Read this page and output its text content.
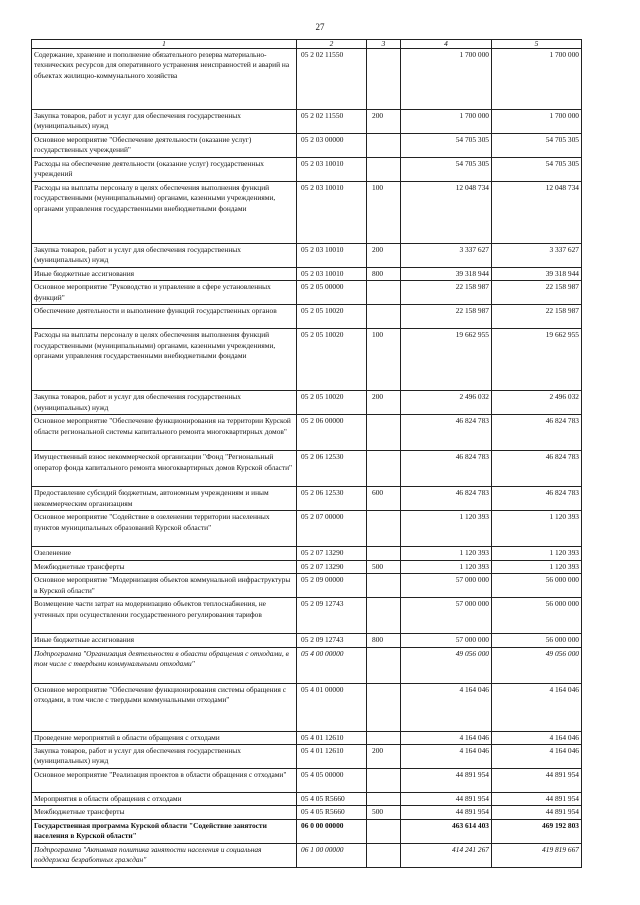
27
1	2	3	4	5
Содержание, хранение и пополнение обязательного резерва материально-технических ресурсов для оперативного устранения неисправностей и аварий на объектах жилищно-коммунального хозяйства	05 2 02 11550		1 700 000	1 700 000
Закупка товаров, работ и услуг для обеспечения государственных (муниципальных) нужд	05 2 02 11550	200	1 700 000	1 700 000
Основное мероприятие "Обеспечение деятельности (оказание услуг) государственных учреждений"	05 2 03 00000		54 705 305	54 705 305
Расходы на обеспечение деятельности (оказание услуг) государственных учреждений	05 2 03 10010		54 705 305	54 705 305
Расходы на выплаты персоналу в целях обеспечения выполнения функций государственными (муниципальными) органами, казенными учреждениями, органами управления государственными внебюджетными фондами	05 2 03 10010	100	12 048 734	12 048 734
Закупка товаров, работ и услуг для обеспечения государственных (муниципальных) нужд	05 2 03 10010	200	3 337 627	3 337 627
Иные бюджетные ассигнования	05 2 03 10010	800	39 318 944	39 318 944
Основное мероприятие "Руководство и управление в сфере установленных функций"	05 2 05 00000		22 158 987	22 158 987
Обеспечение деятельности и выполнение функций государственных органов	05 2 05 10020		22 158 987	22 158 987
Расходы на выплаты персоналу в целях обеспечения выполнения функций государственными (муниципальными) органами, казенными учреждениями, органами управления государственными внебюджетными фондами	05 2 05 10020	100	19 662 955	19 662 955
Закупка товаров, работ и услуг для обеспечения государственных (муниципальных) нужд	05 2 05 10020	200	2 496 032	2 496 032
Основное мероприятие "Обеспечение функционирования на территории Курской области региональной системы капитального ремонта многоквартирных домов"	05 2 06 00000		46 824 783	46 824 783
Имущественный взнос некоммерческой организации "Фонд "Региональный оператор фонда капитального ремонта многоквартирных домов Курской области"	05 2 06 12530		46 824 783	46 824 783
Предоставление субсидий бюджетным, автономным учреждениям и иным некоммерческим организациям	05 2 06 12530	600	46 824 783	46 824 783
Основное мероприятие "Содействие в озеленении территории населенных пунктов муниципальных образований Курской области"	05 2 07 00000		1 120 393	1 120 393
Озеленение	05 2 07 13290		1 120 393	1 120 393
Межбюджетные трансферты	05 2 07 13290	500	1 120 393	1 120 393
Основное мероприятие "Модернизация объектов коммунальной инфраструктуры в Курской области"	05 2 09 00000		57 000 000	56 000 000
Возмещение части затрат на модернизацию объектов теплоснабжения, не учтенных при осуществлении государственного регулирования тарифов	05 2 09 12743		57 000 000	56 000 000
Иные бюджетные ассигнования	05 2 09 12743	800	57 000 000	56 000 000
Подпрограмма "Организация деятельности в области обращения с отходами, в том числе с твердыми коммунальными отходами"	05 4 00 00000		49 056 000	49 056 000
Основное мероприятие "Обеспечение функционирования системы обращения с отходами, в том числе с твердыми коммунальными отходами"	05 4 01 00000		4 164 046	4 164 046
Проведение мероприятий в области обращения с отходами	05 4 01 12610		4 164 046	4 164 046
Закупка товаров, работ и услуг для обеспечения государственных (муниципальных) нужд	05 4 01 12610	200	4 164 046	4 164 046
Основное мероприятие "Реализация проектов в области обращения с отходами"	05 4 05 00000		44 891 954	44 891 954
Мероприятия в области обращения с отходами	05 4 05 R5660		44 891 954	44 891 954
Межбюджетные трансферты	05 4 05 R5660	500	44 891 954	44 891 954
Государственная программа Курской области "Содействие занятости населения в Курской области"	06 0 00 00000		463 614 403	469 192 803
Подпрограмма "Активная политика занятости населения и социальная поддержка безработных граждан"	06 1 00 00000		414 241 267	419 819 667
